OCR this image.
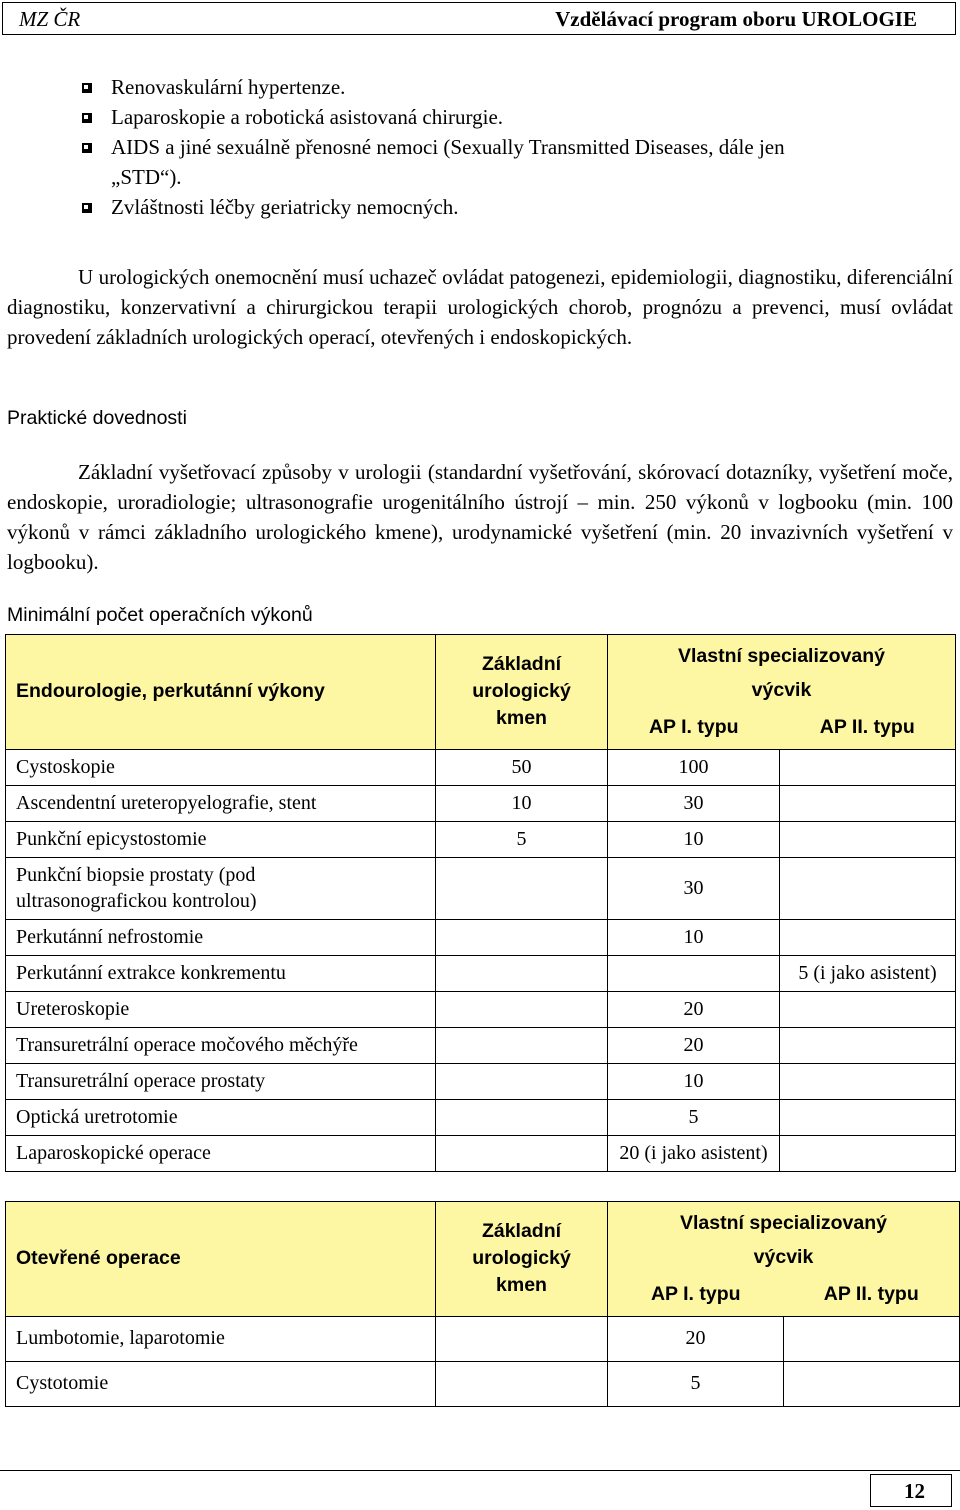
MZ ČR	Vzdělávací program oboru UROLOGIE
Renovaskulární hypertenze.
Laparoskopie a robotická asistovaná chirurgie.
AIDS a jiné sexuálně přenosné nemoci (Sexually Transmitted Diseases, dále jen
„STD“).
Zvláštnosti léčby geriatricky nemocných.
U urologických onemocnění musí uchazeč ovládat patogenezi, epidemiologii, diagnostiku, diferenciální diagnostiku, konzervativní a chirurgickou terapii urologických chorob, prognózu a prevenci, musí ovládat provedení základních urologických operací, otevřených i endoskopických.
Praktické dovednosti
Základní vyšetřovací způsoby v urologii (standardní vyšetřování, skórovací dotazníky, vyšetření moče, endoskopie, uroradiologie; ultrasonografie urogenitálního ústrojí – min. 250 výkonů v logbooku (min. 100 výkonů v rámci základního urologického kmene), urodynamické vyšetření (min. 20 invazivních vyšetření v logbooku).
Minimální počet operačních výkonů
Endourologie, perkutánní výkony	Základní urologický kmen	Vlastní specializovaný výcvik	

		AP I. typu	AP II. typu
Cystoskopie	50	100	
Ascendentní ureteropyelografie, stent	10	30	
Punkční epicystostomie	5	10	

Punkční biopsie prostaty (pod ultrasonografickou kontrolou)		30	
Perkutánní nefrostomie		10	
Perkutánní extrakce konkrementu			5 (i jako asistent)
Ureteroskopie		20	
Transuretrální operace močového měchýře		20	
Transuretrální operace prostaty		10	
Optická uretrotomie		5	
Laparoskopické operace		20 (i jako asistent)	
Otevřené operace	Základní urologický kmen	Vlastní specializovaný výcvik	

		AP I. typu	AP II. typu
Lumbotomie, laparotomie		20	
Cystotomie		5	
12
